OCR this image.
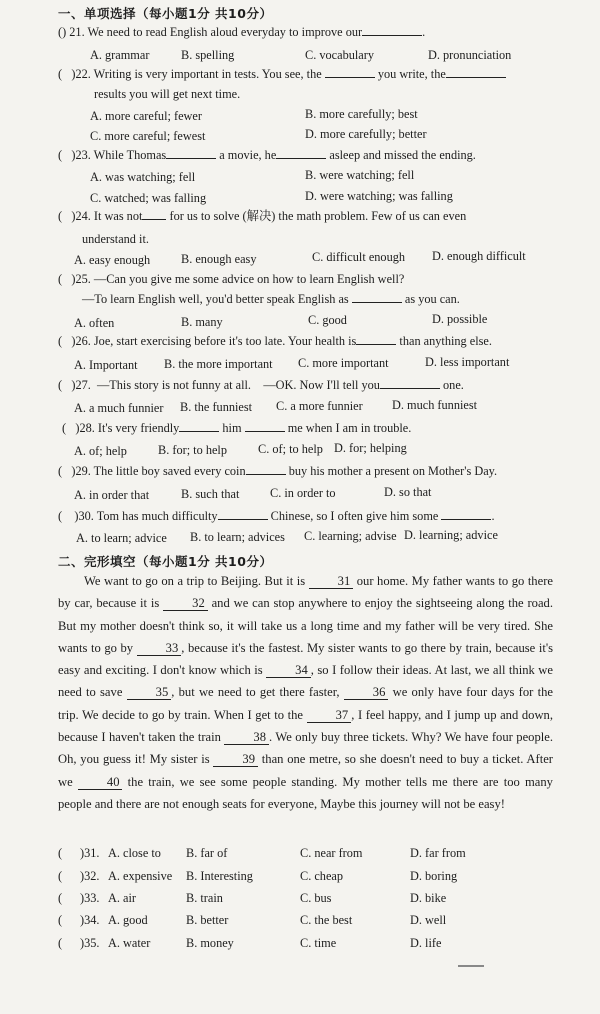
一、单项选择（每小题1分 共10分）
() 21. We need to read English aloud everyday to improve our	.
A. grammar	B. spelling	C. vocabulary	D. pronunciation
( )22. Writing is very important in tests. You see, the	you write, the
results you will get next time.
A. more careful; fewer	B. more carefully; best
C. more careful; fewest	D. more carefully; better
( )23. While Thomas	a movie, he	asleep and missed the ending.
A. was watching; fell	B. were watching; fell
C. watched; was falling	D. were watching; was falling
( )24. It was not for us to solve (解决) the math problem. Few of us can even
understand it.
A. easy enough	B. enough easy	C. difficult enough D. enough difficult
( )25. —Can you give me some advice on how to learn English well?
—To learn English well, you'd better speak English as	as you can.
A. often	B. many	C. good	D. possible
( )26. Joe, start exercising before it's too late. Your health is	than anything else.
A. Important B. the more important C. more important	D. less important
( )27. —This story is not funny at all. —OK. Now I'll tell you	one.
A. a much funnier B. the funniest C. a more funnier D. much funniest
( )28. It's very friendly	him	me when I am in trouble.
A. of; help	B. for; to help	C. of; to help D. for; helping
( )29. The little boy saved every coin	buy his mother a present on Mother's Day.
A. in order that	B. such that C. in order to	D. so that
( )30. Tom has much difficulty	Chinese, so I often give him some	.
A. to learn; advice B. to learn; advices C. learning; advise D. learning; advice
二、完形填空（每小题1分 共10分）
We want to go on a trip to Beijing. But it is 31 our home. My father wants to go there by car, because it is 32 and we can stop anywhere to enjoy the sightseeing along the road. But my mother doesn't think so, it will take us a long time and my father will be very tired. She wants to go by 33 , because it's the fastest. My sister wants to go there by train, because it's easy and exciting. I don't know which is 34 , so I follow their ideas. At last, we all think we need to save 35 , but we need to get there faster, 36 we only have four days for the trip. We decide to go by train. When I get to the 37 , I feel happy, and I jump up and down, because I haven't taken the train 38 . We only buy three tickets. Why? We have four people. Oh, you guess it! My sister is 39 than one metre, so she doesn't need to buy a ticket. After we 40 the train, we see some people standing. My mother tells me there are too many people and there are not enough seats for everyone, Maybe this journey will not be easy!
( )31. A. close to B. far of	C. near from	D. far from
( )32. A. expensive B. Interesting	C. cheap	D. boring
( )33. A. air	B. train	C. bus	D. bike
( )34. A. good	B. better	C. the best	D. well
( )35. A. water	B. money	C. time	D. life
